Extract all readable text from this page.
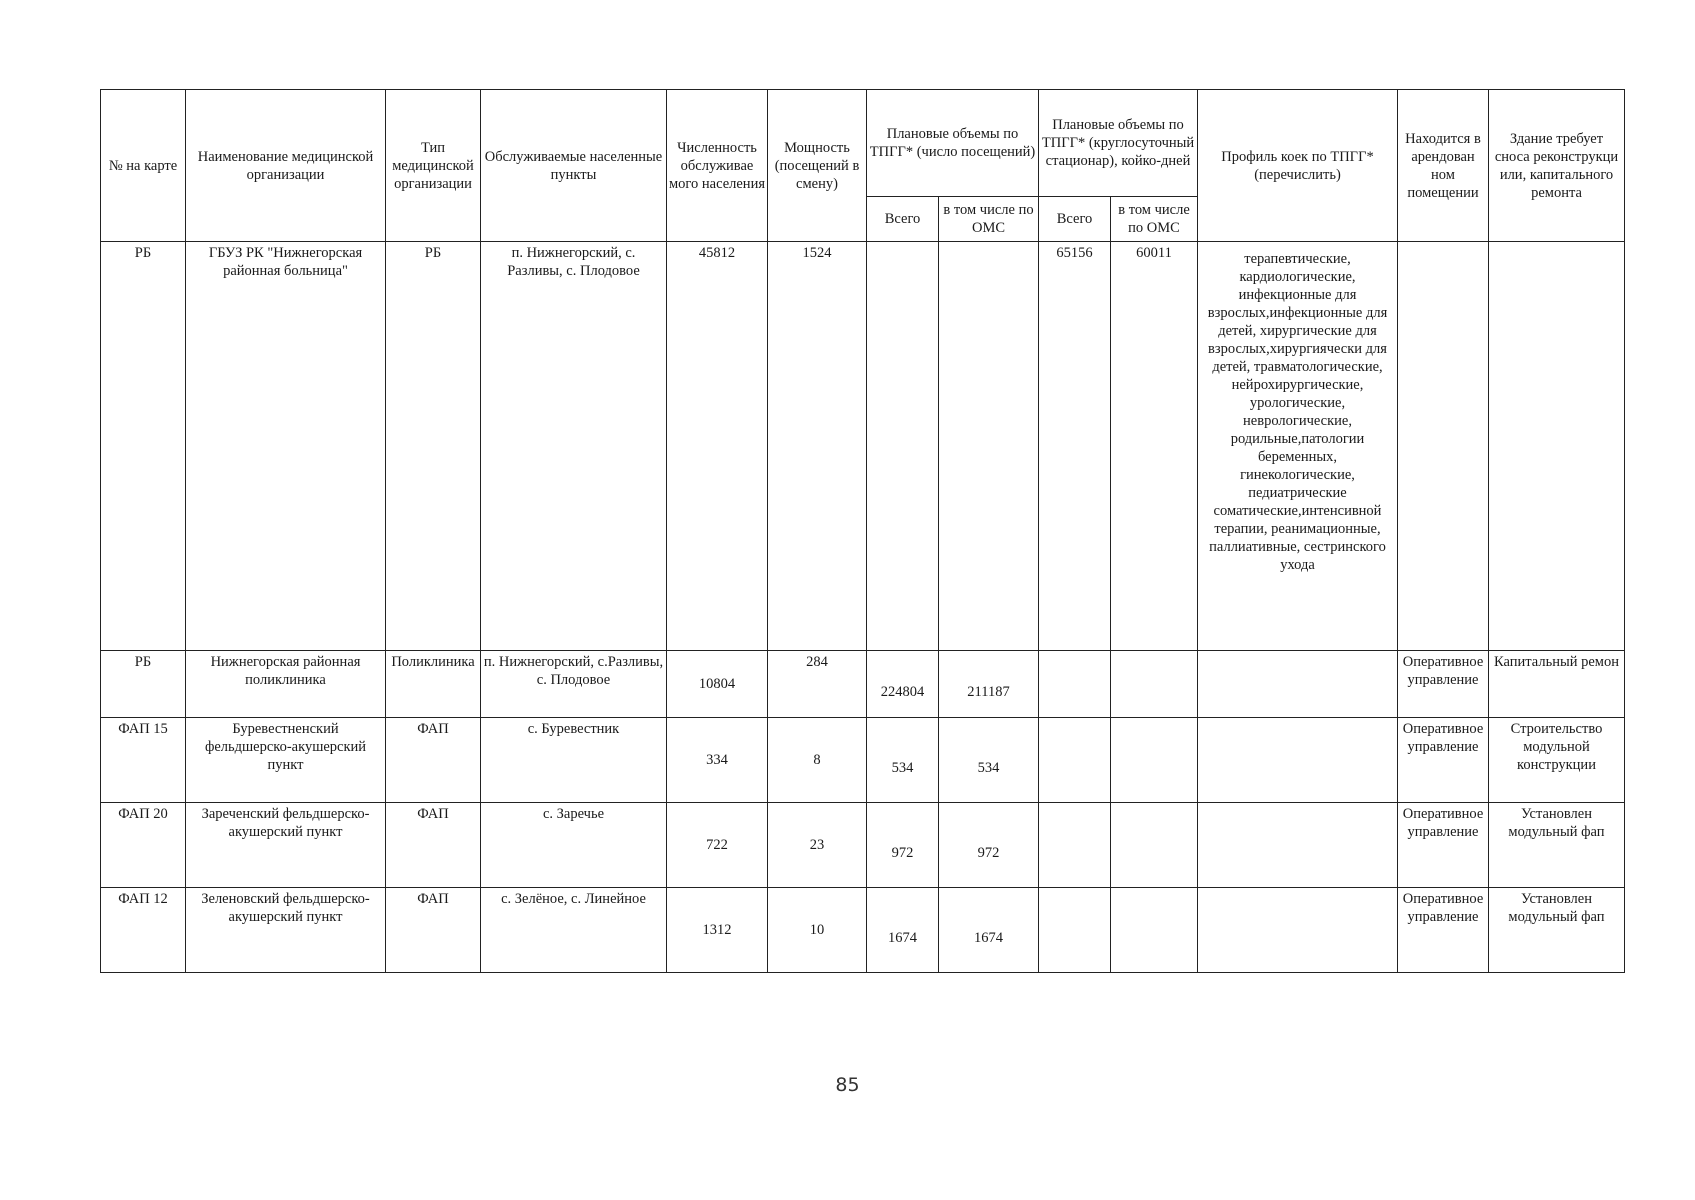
№ на карте	Наименование медицинской организации	Тип медицинской организации	Обслуживаемые населенные пункты	Численность обслуживае мого населения	Мощность (посещений в смену)	Плановые объемы по ТПГГ* (число посещений)		Плановые объемы по ТПГГ* (круглосуточный стационар), койко-дней		Профиль коек по ТПГГ* (перечислить)	Находится в арендован ном помещении	Здание требует сноса реконструкци или, капитального ремонта
						Всего	в том числе по ОМС	Всего	в том числе по ОМС			
РБ	ГБУЗ РК "Нижнегорская районная больница"	РБ	п. Нижнегорский, с. Разливы, с. Плодовое	45812	1524			65156	60011	терапевтические, кардиологические, инфекционные для взрослых,инфекционные для детей, хирургические для взрослых,хирургиячески для детей, травматологические, нейрохирургические, урологические, неврологические, родильные,патологии беременных, гинекологические, педиатрические соматические,интенсивной терапии, реанимационные, паллиативные, сестринского ухода		
РБ	Нижнегорская районная поликлиника	Поликлиника	п. Нижнегорский, с.Разливы, с. Плодовое	10804	284	224804	211187				Оперативное управление	Капитальный ремон
ФАП 15	Буревестненский фельдшерско-акушерский пункт	ФАП	с. Буревестник	334	8	534	534				Оперативное управление	Строительство модульной конструкции
ФАП 20	Зареченский фельдшерско-акушерский пункт	ФАП	с. Заречье	722	23	972	972				Оперативное управление	Установлен модульный фап
ФАП 12	Зеленовский фельдшерско-акушерский пункт	ФАП	с. Зелёное, с. Линейное	1312	10	1674	1674				Оперативное управление	Установлен модульный фап
85
